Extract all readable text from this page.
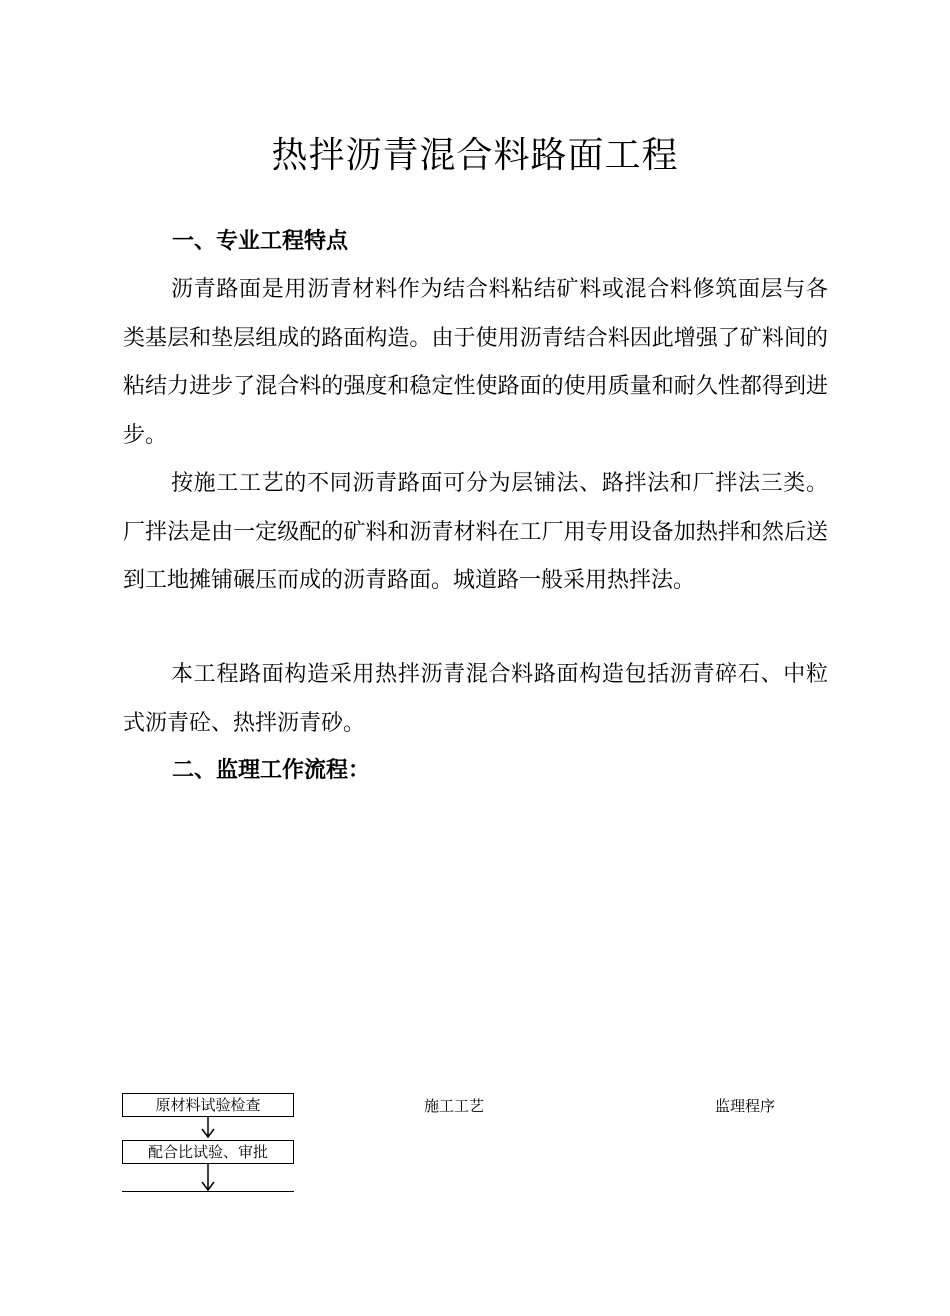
热拌沥青混合料路面工程
一、专业工程特点

沥青路面是用沥青材料作为结合料粘结矿料或混合料修筑面层与各类基层和垫层组成的路面构造。由于使用沥青结合料因此增强了矿料间的粘结力进步了混合料的强度和稳定性使路面的使用质量和耐久性都得到进步。

按施工工艺的不同沥青路面可分为层铺法、路拌法和厂拌法三类。厂拌法是由一定级配的矿料和沥青材料在工厂用专用设备加热拌和然后送到工地摊铺碾压而成的沥青路面。城道路一般采用热拌法。

本工程路面构造采用热拌沥青混合料路面构造包括沥青碎石、中粒式沥青砼、热拌沥青砂。

二、监理工作流程：
原材料试验检查
配合比试验、审批
施工工艺	监理程序
